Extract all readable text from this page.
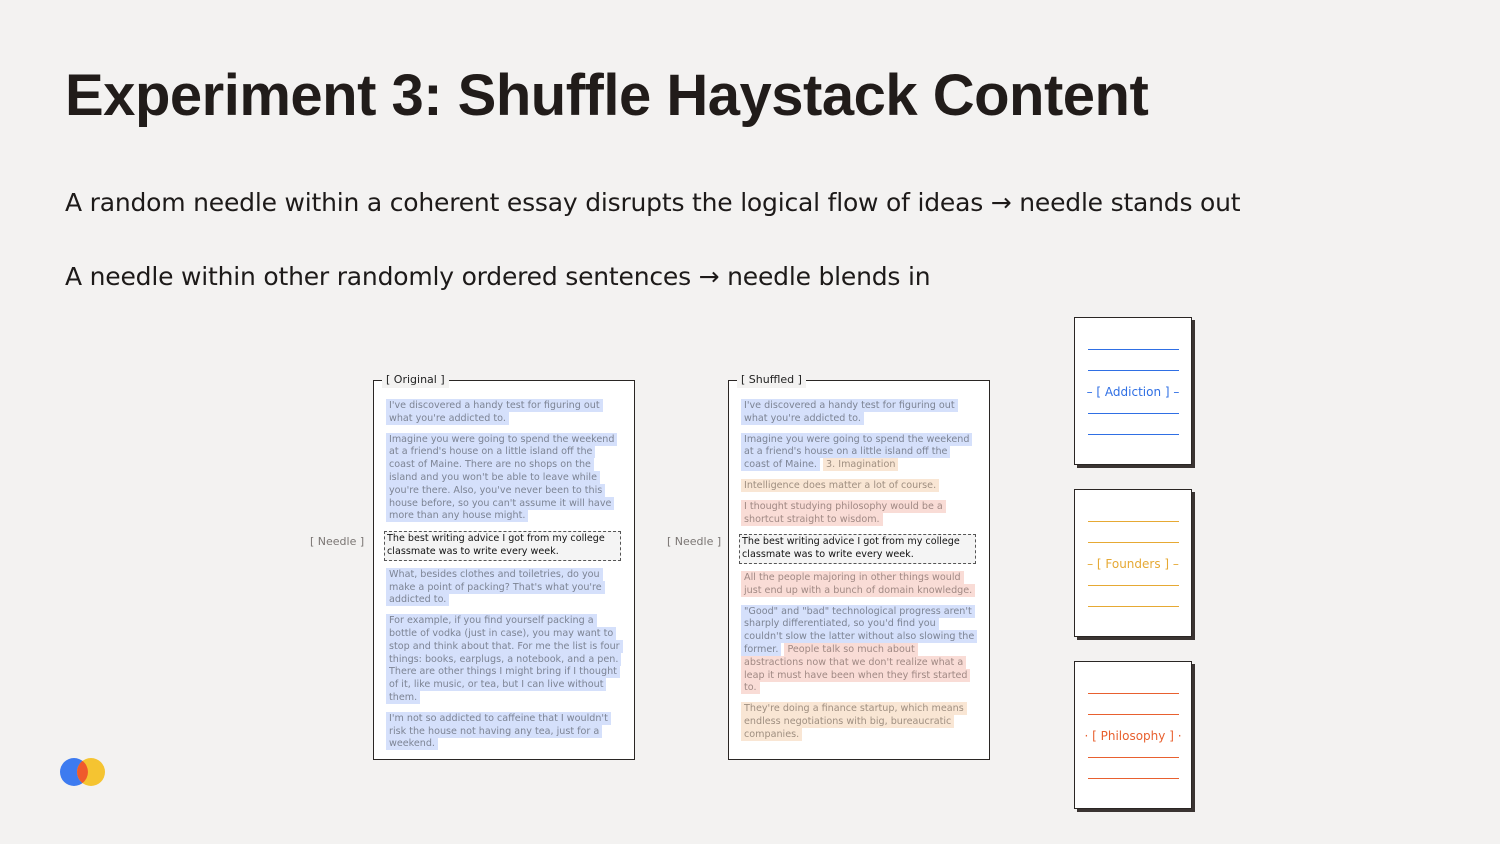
Experiment 3: Shuffle Haystack Content

A random needle within a coherent essay disrupts the logical flow of ideas → needle stands out

A needle within other randomly ordered sentences → needle blends in

[ Needle ]	[ Needle ]
[ Original ]

I've discovered a handy test for figuring out what you're addicted to.

Imagine you were going to spend the weekend at a friend's house on a little island off the coast of Maine. There are no shops on the island and you won't be able to leave while you're there. Also, you've never been to this house before, so you can't assume it will have more than any house might.

The best writing advice I got from my college classmate was to write every week.

What, besides clothes and toiletries, do you make a point of packing? That's what you're addicted to.

For example, if you find yourself packing a bottle of vodka (just in case), you may want to stop and think about that. For me the list is four things: books, earplugs, a notebook, and a pen. There are other things I might bring if I thought of it, like music, or tea, but I can live without them.

I'm not so addicted to caffeine that I wouldn't risk the house not having any tea, just for a weekend.

[ Shuffled ]

I've discovered a handy test for figuring out what you're addicted to.

Imagine you were going to spend the weekend at a friend's house on a little island off the coast of Maine. 3. Imagination

Intelligence does matter a lot of course.

I thought studying philosophy would be a shortcut straight to wisdom.

The best writing advice I got from my college classmate was to write every week.

All the people majoring in other things would just end up with a bunch of domain knowledge.

"Good" and "bad" technological progress aren't sharply differentiated, so you'd find you couldn't slow the latter without also slowing the former. People talk so much about abstractions now that we don't realize what a leap it must have been when they first started to.

They're doing a finance startup, which means endless negotiations with big, bureaucratic companies.

– [ Addiction ] –
– [ Founders ] –
· [ Philosophy ] ·
